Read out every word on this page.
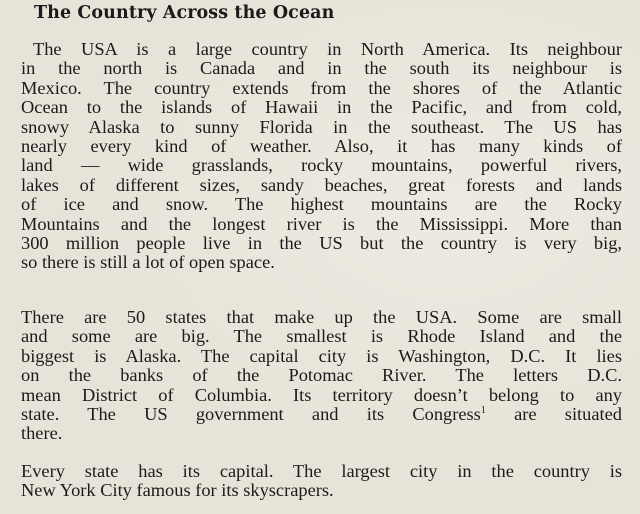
The Country Across the Ocean
The USA is a large country in North America. Its neighbour
in the north is Canada and in the south its neighbour is
Mexico. The country extends from the shores of the Atlantic
Ocean to the islands of Hawaii in the Pacific, and from cold,
snowy Alaska to sunny Florida in the southeast. The US has
nearly every kind of weather. Also, it has many kinds of
land — wide grasslands, rocky mountains, powerful rivers,
lakes of different sizes, sandy beaches, great forests and lands
of ice and snow. The highest mountains are the Rocky
Mountains and the longest river is the Mississippi. More than
300 million people live in the US but the country is very big,
so there is still a lot of open space.
There are 50 states that make up the USA. Some are small
and some are big. The smallest is Rhode Island and the
biggest is Alaska. The capital city is Washington, D.C. It lies
on the banks of the Potomac River. The letters D.C.
mean District of Columbia. Its territory doesn’t belong to any
state. The US government and its Congress$^1$ are situated
there.
Every state has its capital. The largest city in the country is
New York City famous for its skyscrapers.
